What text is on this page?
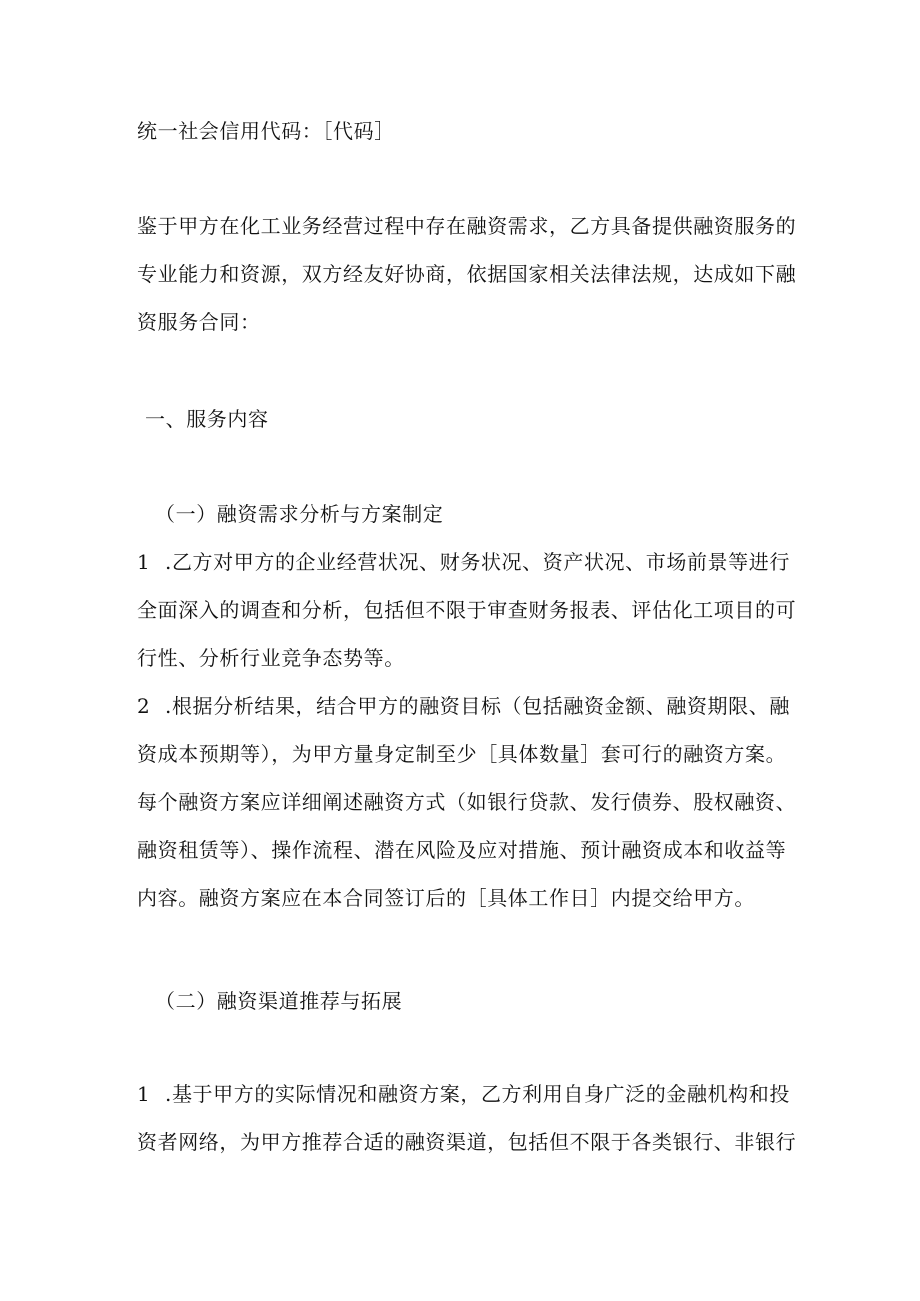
统一社会信用代码：［代码］
鉴于甲方在化工业务经营过程中存在融资需求，乙方具备提供融资服务的
专业能力和资源，双方经友好协商，依据国家相关法律法规，达成如下融
资服务合同：
一、服务内容
（一）融资需求分析与方案制定
1 .乙方对甲方的企业经营状况、财务状况、资产状况、市场前景等进行
全面深入的调查和分析，包括但不限于审查财务报表、评估化工项目的可
行性、分析行业竞争态势等。
2 .根据分析结果，结合甲方的融资目标（包括融资金额、融资期限、融
资成本预期等），为甲方量身定制至少［具体数量］套可行的融资方案。
每个融资方案应详细阐述融资方式（如银行贷款、发行债券、股权融资、
融资租赁等）、操作流程、潜在风险及应对措施、预计融资成本和收益等
内容。融资方案应在本合同签订后的［具体工作日］内提交给甲方。
（二）融资渠道推荐与拓展
1 .基于甲方的实际情况和融资方案，乙方利用自身广泛的金融机构和投
资者网络，为甲方推荐合适的融资渠道，包括但不限于各类银行、非银行
